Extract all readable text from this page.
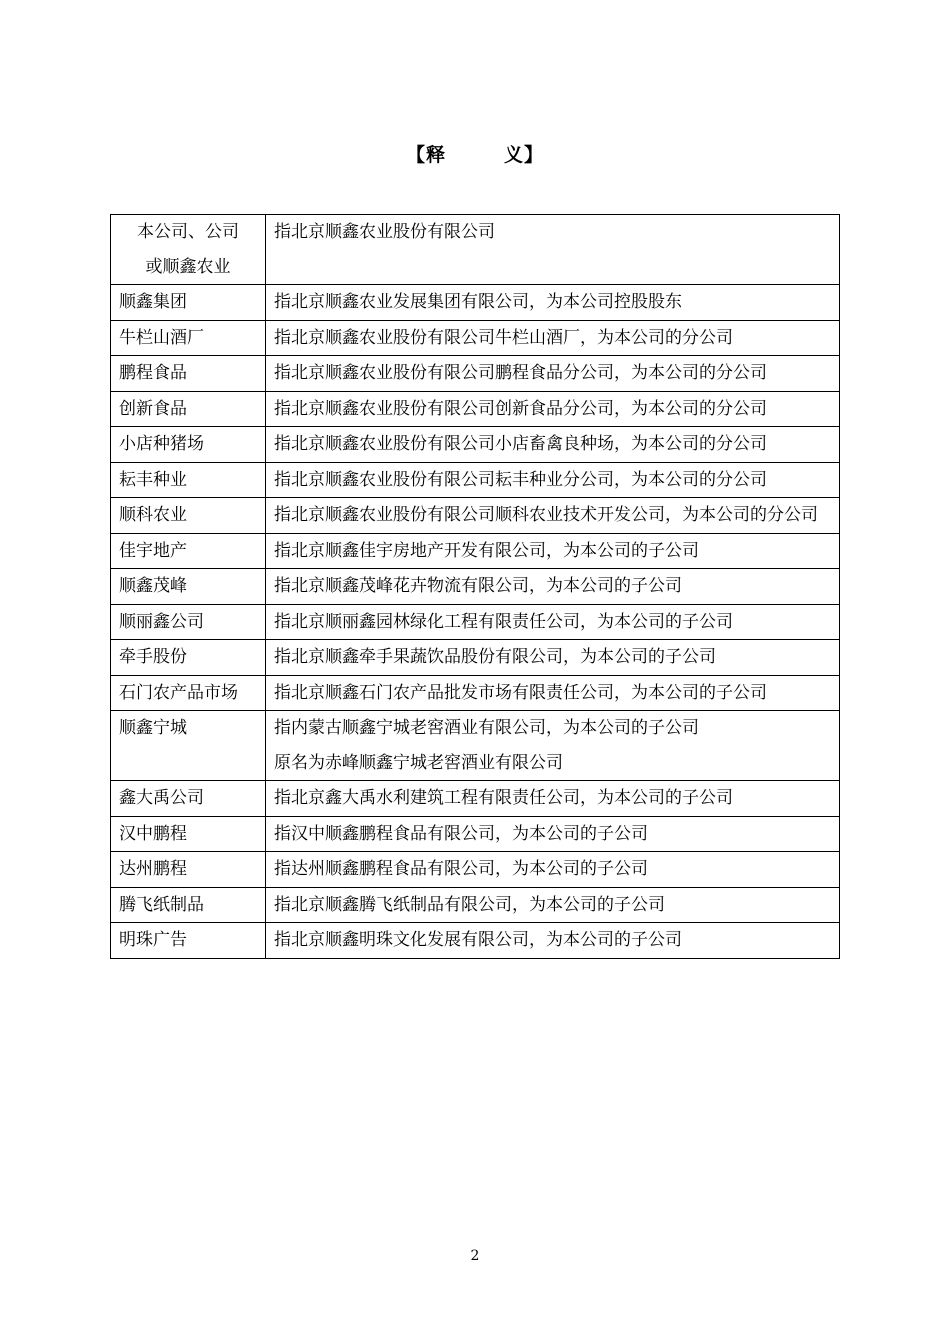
【释	义】
本公司、公司
或顺鑫农业	指北京顺鑫农业股份有限公司

顺鑫集团	指北京顺鑫农业发展集团有限公司，为本公司控股股东

牛栏山酒厂	指北京顺鑫农业股份有限公司牛栏山酒厂，为本公司的分公司

鹏程食品	指北京顺鑫农业股份有限公司鹏程食品分公司，为本公司的分公司

创新食品	指北京顺鑫农业股份有限公司创新食品分公司，为本公司的分公司

小店种猪场	指北京顺鑫农业股份有限公司小店畜禽良种场，为本公司的分公司

耘丰种业	指北京顺鑫农业股份有限公司耘丰种业分公司，为本公司的分公司

顺科农业	指北京顺鑫农业股份有限公司顺科农业技术开发公司，为本公司的分公司

佳宇地产	指北京顺鑫佳宇房地产开发有限公司，为本公司的子公司

顺鑫茂峰	指北京顺鑫茂峰花卉物流有限公司，为本公司的子公司

顺丽鑫公司	指北京顺丽鑫园林绿化工程有限责任公司，为本公司的子公司

牵手股份	指北京顺鑫牵手果蔬饮品股份有限公司，为本公司的子公司

石门农产品市场	指北京顺鑫石门农产品批发市场有限责任公司，为本公司的子公司

顺鑫宁城	指内蒙古顺鑫宁城老窖酒业有限公司，为本公司的子公司
原名为赤峰顺鑫宁城老窖酒业有限公司

鑫大禹公司	指北京鑫大禹水利建筑工程有限责任公司，为本公司的子公司

汉中鹏程	指汉中顺鑫鹏程食品有限公司，为本公司的子公司

达州鹏程	指达州顺鑫鹏程食品有限公司，为本公司的子公司

腾飞纸制品	指北京顺鑫腾飞纸制品有限公司，为本公司的子公司

明珠广告	指北京顺鑫明珠文化发展有限公司，为本公司的子公司
2
